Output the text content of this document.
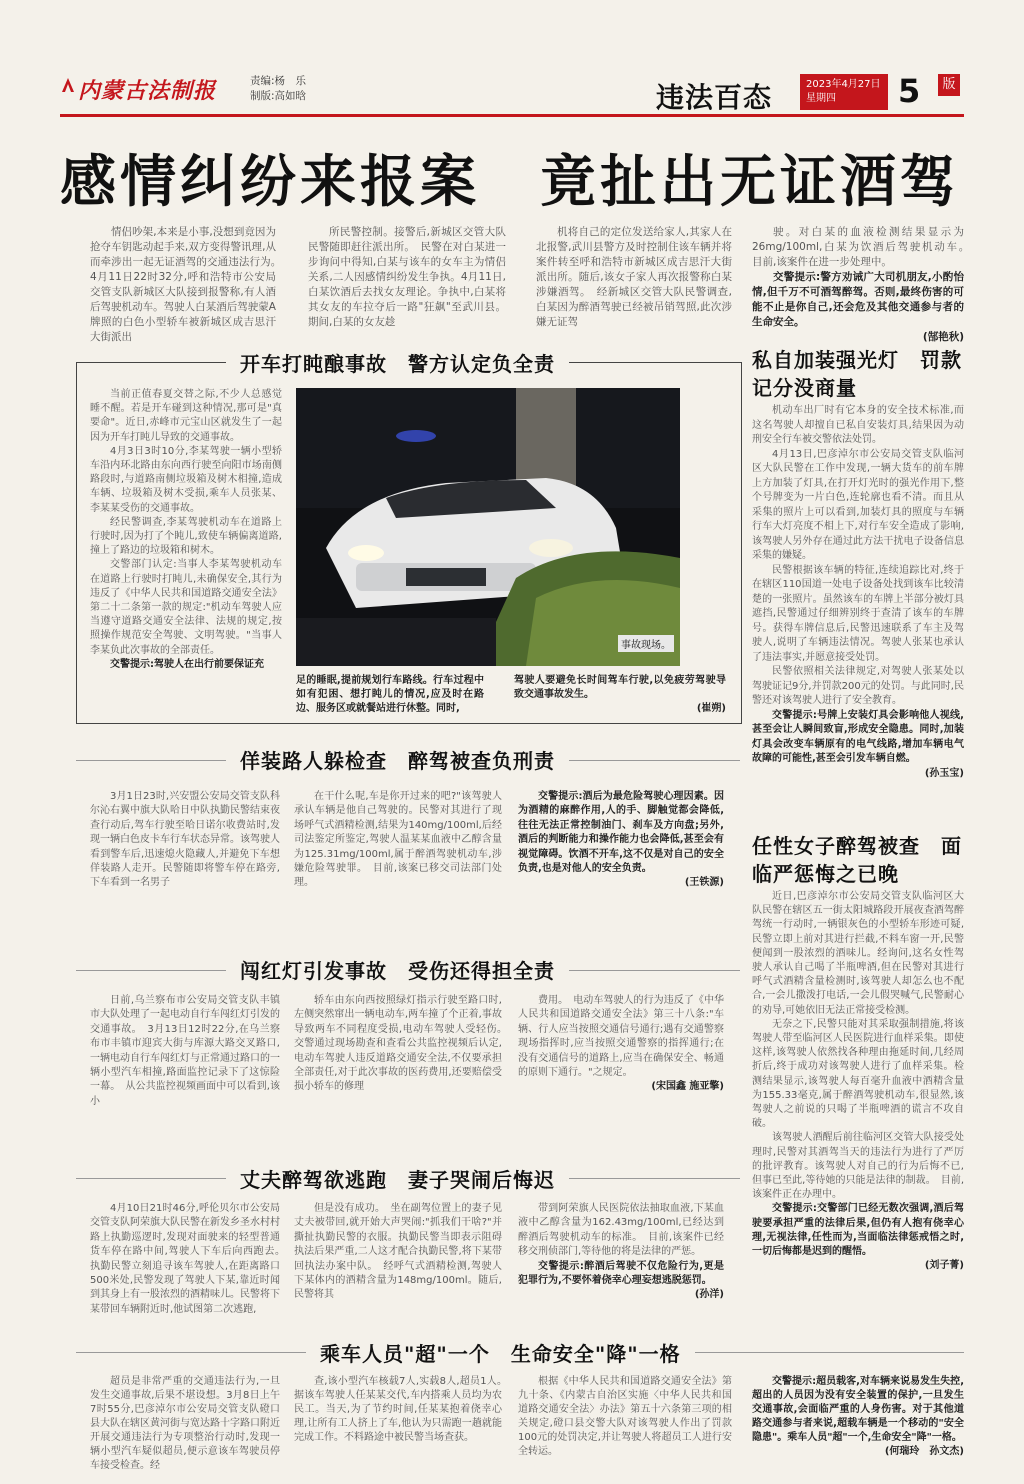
内蒙古法制报	责编:杨　乐
制版:高如晗	违法百态	2023年4月27日
星期四	5	版
感情纠纷来报案　竟扯出无证酒驾

情侣吵架,本来是小事,没想到竟因为抢夺车钥匙动起手来,双方变得警讯理,从而牵涉出一起无证酒驾的交通违法行为。　4月11日22时32分,呼和浩特市公安局交管支队新城区大队接到报警称,有人酒后驾驶机动车。驾驶人白某酒后驾驶蒙A牌照的白色小型轿车被新城区成吉思汗大街派出

所民警控制。接警后,新城区交管大队民警随即赶往派出所。　民警在对白某进一步询问中得知,白某与该车的女车主为情侣关系,二人因感情纠纷发生争执。4月11日,白某饮酒后去找女友理论。争执中,白某将其女友的车拉夺后一路"狂飙"至武川县。期间,白某的女友趁

机将自己的定位发送给家人,其家人在北报警,武川县警方及时控制住该车辆并将案件转至呼和浩特市新城区成吉思汗大街派出所。随后,该女子家人再次报警称白某涉嫌酒驾。　经新城区交管大队民警调查,白某因为醉酒驾驶已经被吊销驾照,此次涉嫌无证驾

驶。对白某的血液检测结果显示为26mg/100ml,白某为饮酒后驾驶机动车。　目前,该案件在进一步处理中。

交警提示:警方劝诫广大司机朋友,小酌怡情,但千万不可酒驾醉驾。否则,最终伤害的可能不止是你自己,还会危及其他交通参与者的生命安全。

(郜艳秋)
开车打盹酿事故　警方认定负全责

当前正值春夏交替之际,不少人总感觉睡不醒。若是开车碰到这种情况,那可是"真要命"。近日,赤峰市元宝山区就发生了一起因为开车打盹儿导致的交通事故。

4月3日3时10分,李某驾驶一辆小型轿车沿内环北路由东向西行驶至向阳市场南侧路段时,与道路南侧垃圾箱及树木相撞,造成车辆、垃圾箱及树木受损,乘车人员张某、李某某受伤的交通事故。

经民警调查,李某驾驶机动车在道路上行驶时,因为打了个盹儿,致使车辆偏离道路,撞上了路边的垃圾箱和树木。

交警部门认定:当事人李某驾驶机动车在道路上行驶时打盹儿,未确保安全,其行为违反了《中华人民共和国道路交通安全法》第二十二条第一款的规定:"机动车驾驶人应当遵守道路交通安全法律、法规的规定,按照操作规范安全驾驶、文明驾驶。"当事人李某负此次事故的全部责任。

交警提示:驾驶人在出行前要保证充

事故现场。

足的睡眠,提前规划行车路线。行车过程中如有犯困、想打盹儿的情况,应及时在路边、服务区或就餐站进行休整。同时,

驾驶人要避免长时间驾车行驶,以免疲劳驾驶导致交通事故发生。

(崔朔)
私自加装强光灯　罚款记分没商量

机动车出厂时有它本身的安全技术标准,而这名驾驶人却擅自已私自安装灯具,结果因为动刑安全行车被交警依法处罚。

4月13日,巴彦淖尔市公安局交管支队临河区大队民警在工作中发现,一辆大货车的前车牌上方加装了灯具,在打开灯光时的强光作用下,整个号牌变为一片白色,连轮廓也看不清。而且从采集的照片上可以看到,加装灯具的照度与车辆行车大灯亮度不相上下,对行车安全造成了影响,该驾驶人另外存在通过此方法干扰电子设备信息采集的嫌疑。

民警根据该车辆的特征,连续追踪比对,终于在辖区110国道一处电子设备处找到该车比较清楚的一张照片。虽然该车的车牌上半部分被灯具遮挡,民警通过仔细辨别终于查清了该车的车牌号。获得车牌信息后,民警迅速联系了车主及驾驶人,说明了车辆违法情况。驾驶人张某也承认了违法事实,并愿意接受处罚。

民警依照相关法律规定,对驾驶人张某处以驾驶证记9分,并罚款200元的处罚。与此同时,民警还对该驾驶人进行了安全教育。

交警提示:号牌上安装灯具会影响他人视线,甚至会让人瞬间致盲,形成安全隐患。同时,加装灯具会改变车辆原有的电气线路,增加车辆电气故障的可能性,甚至会引发车辆自燃。

(孙玉宝)
任性女子醉驾被查　面临严惩悔之已晚

近日,巴彦淖尔市公安局交管支队临河区大队民警在辖区五一街太阳城路段开展夜查酒驾醉驾统一行动时,一辆银灰色的小型轿车形迹可疑,民警立即上前对其进行拦截,不料车窗一开,民警便闻到一股浓烈的酒味儿。经询问,这名女性驾驶人承认自己喝了半瓶啤酒,但在民警对其进行呼气式酒精含量检测时,该驾驶人却怎么也不配合,一会儿撒泼打电话,一会儿假哭喊气,民警耐心的劝导,可她依旧无法正常接受检测。

无奈之下,民警只能对其采取强制措施,将该驾驶人带至临河区人民医院进行血样采集。即使这样,该驾驶人依然找各种理由拖延时间,几经周折后,终于成功对该驾驶人进行了血样采集。检测结果显示,该驾驶人每百毫升血液中酒精含量为155.33毫克,属于醉酒驾驶机动车,很显然,该驾驶人之前说的只喝了半瓶啤酒的谎言不攻自破。

该驾驶人酒醒后前往临河区交管大队接受处理时,民警对其酒驾当天的违法行为进行了严厉的批评教育。该驾驶人对自己的行为后悔不已,但事已至此,等待她的只能是法律的制裁。　目前,该案件正在办理中。

交警提示:交警部门已经无数次强调,酒后驾驶要承担严重的法律后果,但仍有人抱有侥幸心理,无视法律,任性而为,当面临法律惩戒悟之时,一切后悔都是迟到的醒悟。

(刘子菁)
佯装路人躲检查　醉驾被查负刑责

3月1日23时,兴安盟公安局交管支队科尔沁右翼中旗大队哈日中队执勤民警结束夜查行动后,驾车行驶至哈日诺尔收费站时,发现一辆白色皮卡车行车状态异常。该驾驶人看到警车后,迅速熄火隐藏人,并避免下车想佯装路人走开。民警随即将警车停在路旁,下车看到一名男子

在干什么呢,车是你开过来的吧?"该驾驶人承认车辆是他自己驾驶的。民警对其进行了现场呼气式酒精检测,结果为140mg/100ml,后经司法鉴定所鉴定,驾驶人温某某血液中乙醇含量为125.31mg/100ml,属于醉酒驾驶机动车,涉嫌危险驾驶罪。　目前,该案已移交司法部门处理。

交警提示:酒后为最危险驾驶心理因素。因为酒精的麻醉作用,人的手、脚触觉都会降低,往往无法正常控制油门、刹车及方向盘;另外,酒后的判断能力和操作能力也会降低,甚至会有视觉障碍。饮酒不开车,这不仅是对自己的安全负责,也是对他人的安全负责。

(王铁源)
闯红灯引发事故　受伤还得担全责

日前,乌兰察布市公安局交管支队丰镇市大队处理了一起电动自行车闯红灯引发的交通事故。　3月13日12时22分,在乌兰察布市丰镇市迎宾大街与库源大路交叉路口,一辆电动自行车闯红灯与正常通过路口的一辆小型汽车相撞,路面监控记录下了这惊险一幕。　从公共监控视频画面中可以看到,该小

轿车由东向西按照绿灯指示行驶至路口时,左侧突然窜出一辆电动车,两车撞了个正着,事故导致两车不同程度受损,电动车驾驶人受轻伤。　交警通过现场勘查和查看公共监控视频后认定,电动车驾驶人违反道路交通安全法,不仅要承担全部责任,对于此次事故的医药费用,还要赔偿受损小轿车的修理

费用。　电动车驾驶人的行为违反了《中华人民共和国道路交通安全法》第三十八条:"车辆、行人应当按照交通信号通行;遇有交通警察现场指挥时,应当按照交通警察的指挥通行;在没有交通信号的道路上,应当在确保安全、畅通的原则下通行。"之规定。

(宋国鑫 施亚擎)
丈夫醉驾欲逃跑　妻子哭闹后悔迟

4月10日21时46分,呼伦贝尔市公安局交管支队阿荣旗大队民警在新发乡圣水村村路上执勤巡逻时,发现对面驶来的轻型普通货车停在路中间,驾驶人下车后向西跑去。　执勤民警立刻追寻该车驾驶人,在距离路口500米处,民警发现了驾驶人下某,靠近时闻到其身上有一股浓烈的酒精味儿。民警将下某带回车辆附近时,他试图第二次逃跑,

但是没有成功。　坐在副驾位置上的妻子见丈夫被带回,就开始大声哭闹:"抓我们干啥?"并撕扯执勤民警的衣服。执勤民警当即表示阻碍执法后果严重,二人这才配合执勤民警,将下某带回执法办案中队。　经呼气式酒精检测,驾驶人下某体内的酒精含量为148mg/100ml。随后,民警将其

带到阿荣旗人民医院依法抽取血液,下某血液中乙醇含量为162.43mg/100ml,已经达到醉酒后驾驶机动车的标准。　目前,该案件已经移交刑侦部门,等待他的将是法律的严惩。

交警提示:醉酒后驾驶不仅危险行为,更是犯罪行为,不要怀着侥幸心理妄想逃脱惩罚。

(孙洋)
乘车人员"超"一个　生命安全"降"一格

超员是非常严重的交通违法行为,一旦发生交通事故,后果不堪设想。3月8日上午7时55分,巴彦淖尔市公安局交管支队磴口县大队在辖区黄河街与宽达路十字路口附近开展交通违法行为专项整治行动时,发现一辆小型汽车疑似超员,便示意该车驾驶员停车接受检查。经

查,该小型汽车核载7人,实载8人,超员1人。　据该车驾驶人任某某交代,车内搭乘人员均为农民工。当天,为了节约时间,任某某抱着侥幸心理,让所有工人挤上了车,他认为只需跑一趟就能完成工作。不料路途中被民警当场查获。

根据《中华人民共和国道路交通安全法》第九十条、《内蒙古自治区实施〈中华人民共和国道路交通安全法〉办法》第五十六条第三项的相关规定,磴口县交警大队对该驾驶人作出了罚款100元的处罚决定,并让驾驶人将超员工人进行安全转运。

交警提示:超员载客,对车辆来说易发生失控,超出的人员因为没有安全装置的保护,一旦发生交通事故,会面临严重的人身伤害。对于其他道路交通参与者来说,超载车辆是一个移动的"安全隐患"。乘车人员"超"一个,生命安全"降"一格。

(何瑞玲　孙文杰)
